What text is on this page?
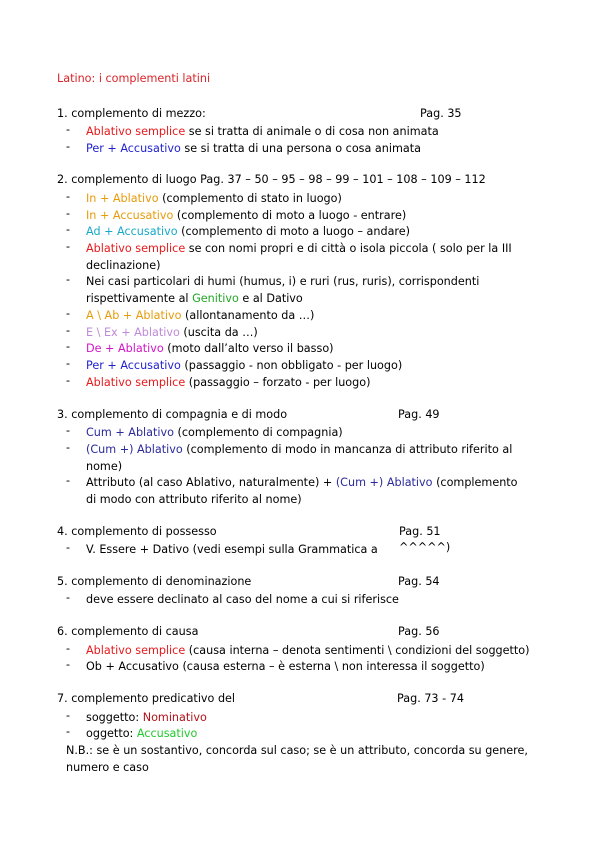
Latino: i complementi latini
1. complemento di mezzo:	Pag. 35
- Ablativo semplice se si tratta di animale o di cosa non animata
- Per + Accusativo se si tratta di una persona o cosa animata
2. complemento di luogo Pag. 37 – 50 – 95 – 98 – 99 – 101 – 108 – 109 – 112
- In + Ablativo (complemento di stato in luogo)
- In + Accusativo (complemento di moto a luogo - entrare)
- Ad + Accusativo (complemento di moto a luogo – andare)
- Ablativo semplice se con nomi propri e di città o isola piccola ( solo per la III declinazione)
- Nei casi particolari di humi (humus, i) e ruri (rus, ruris), corrispondenti rispettivamente al Genitivo e al Dativo
- A \ Ab + Ablativo (allontanamento da …)
- E \ Ex + Ablativo (uscita da …)
- De + Ablativo (moto dall’alto verso il basso)
- Per + Accusativo (passaggio - non obbligato - per luogo)
- Ablativo semplice (passaggio – forzato - per luogo)
3. complemento di compagnia e di modo	Pag. 49
- Cum + Ablativo (complemento di compagnia)
- (Cum +) Ablativo (complemento di modo in mancanza di attributo riferito al nome)
- Attributo (al caso Ablativo, naturalmente) + (Cum +) Ablativo (complemento di modo con attributo riferito al nome)
4. complemento di possesso	Pag. 51
- V. Essere + Dativo (vedi esempi sulla Grammatica a	^^^^^)
5. complemento di denominazione	Pag. 54
- deve essere declinato al caso del nome a cui si riferisce
6. complemento di causa	Pag. 56
- Ablativo semplice (causa interna – denota sentimenti \ condizioni del soggetto)
- Ob + Accusativo (causa esterna – è esterna \ non interessa il soggetto)
7. complemento predicativo del	Pag. 73 - 74
- soggetto: Nominativo
- oggetto: Accusativo
N.B.: se è un sostantivo, concorda sul caso; se è un attributo, concorda su genere, numero e caso
